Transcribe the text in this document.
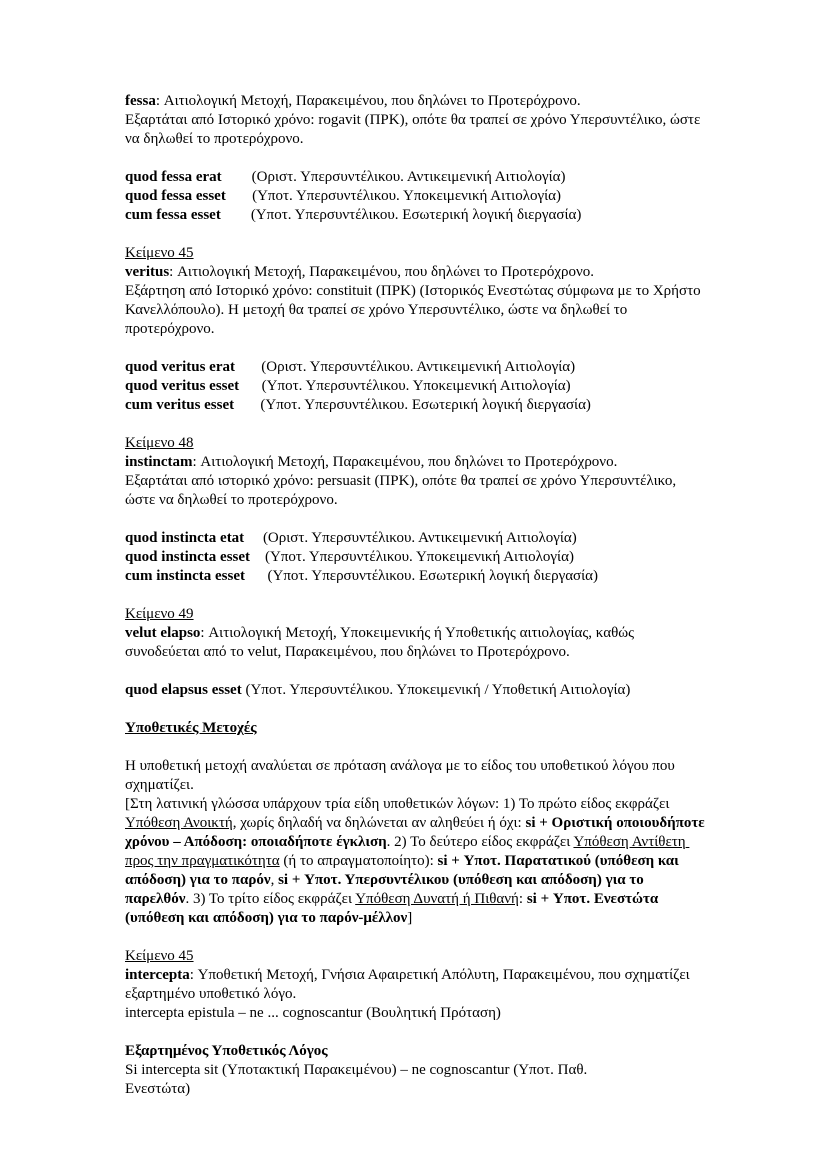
fessa: Αιτιολογική Μετοχή, Παρακειμένου, που δηλώνει το Προτερόχρονο.
Εξαρτάται από Ιστορικό χρόνο: rogavit (ΠΡΚ), οπότε θα τραπεί σε χρόνο Υπερσυντέλικο, ώστε να δηλωθεί το προτερόχρονο.

quod fessa erat        (Οριστ. Υπερσυντέλικου. Αντικειμενική Αιτιολογία)

quod fessa esset       (Υποτ. Υπερσυντέλικου. Υποκειμενική Αιτιολογία)

cum fessa esset        (Υποτ. Υπερσυντέλικου. Εσωτερική λογική διεργασία)

Κείμενο 45

veritus: Αιτιολογική Μετοχή, Παρακειμένου, που δηλώνει το Προτερόχρονο.
Εξάρτηση από Ιστορικό χρόνο: constituit (ΠΡΚ) (Ιστορικός Ενεστώτας σύμφωνα με το Χρήστο Κανελλόπουλο). Η μετοχή θα τραπεί σε χρόνο Υπερσυντέλικο, ώστε να δηλωθεί το προτερόχρονο.

quod veritus erat       (Οριστ. Υπερσυντέλικου. Αντικειμενική Αιτιολογία)

quod veritus esset      (Υποτ. Υπερσυντέλικου. Υποκειμενική Αιτιολογία)

cum veritus esset       (Υποτ. Υπερσυντέλικου. Εσωτερική λογική διεργασία)

Κείμενο 48

instinctam: Αιτιολογική Μετοχή, Παρακειμένου, που δηλώνει το Προτερόχρονο.
Εξαρτάται από ιστορικό χρόνο: persuasit (ΠΡΚ), οπότε θα τραπεί σε χρόνο Υπερσυντέλικο, ώστε να δηλωθεί το προτερόχρονο.

quod instincta etat     (Οριστ. Υπερσυντέλικου. Αντικειμενική Αιτιολογία)

quod instincta esset    (Υποτ. Υπερσυντέλικου. Υποκειμενική Αιτιολογία)

cum instincta esset      (Υποτ. Υπερσυντέλικου. Εσωτερική λογική διεργασία)

Κείμενο 49

velut elapso: Αιτιολογική Μετοχή, Υποκειμενικής ή Υποθετικής αιτιολογίας, καθώς συνοδεύεται από το velut, Παρακειμένου, που δηλώνει το Προτερόχρονο.

quod elapsus esset (Υποτ. Υπερσυντέλικου. Υποκειμενική / Υποθετική Αιτιολογία)

Υποθετικές Μετοχές

Η υποθετική μετοχή αναλύεται σε πρόταση ανάλογα με το είδος του υποθετικού λόγου που σχηματίζει.

[Στη λατινική γλώσσα υπάρχουν τρία είδη υποθετικών λόγων: 1) Το πρώτο είδος εκφράζει Υπόθεση Ανοικτή, χωρίς δηλαδή να δηλώνεται αν αληθεύει ή όχι: si + Οριστική οποιουδήποτε χρόνου – Απόδοση: οποιαδήποτε έγκλιση. 2) Το δεύτερο είδος εκφράζει Υπόθεση Αντίθετη προς την πραγματικότητα (ή το απραγματοποίητο): si + Υποτ. Παρατατικού (υπόθεση και απόδοση) για το παρόν, si + Υποτ. Υπερσυντέλικου (υπόθεση και απόδοση) για το παρελθόν. 3) Το τρίτο είδος εκφράζει Υπόθεση Δυνατή ή Πιθανή: si + Υποτ. Ενεστώτα (υπόθεση και απόδοση) για το παρόν-μέλλον]

Κείμενο 45

intercepta: Υποθετική Μετοχή, Γνήσια Αφαιρετική Απόλυτη, Παρακειμένου, που σχηματίζει εξαρτημένο υποθετικό λόγο.

intercepta epistula – ne ... cognoscantur (Βουλητική Πρόταση)

Εξαρτημένος Υποθετικός Λόγος

Si intercepta sit (Υποτακτική Παρακειμένου) – ne cognoscantur (Υποτ. Παθ.
Ενεστώτα)
